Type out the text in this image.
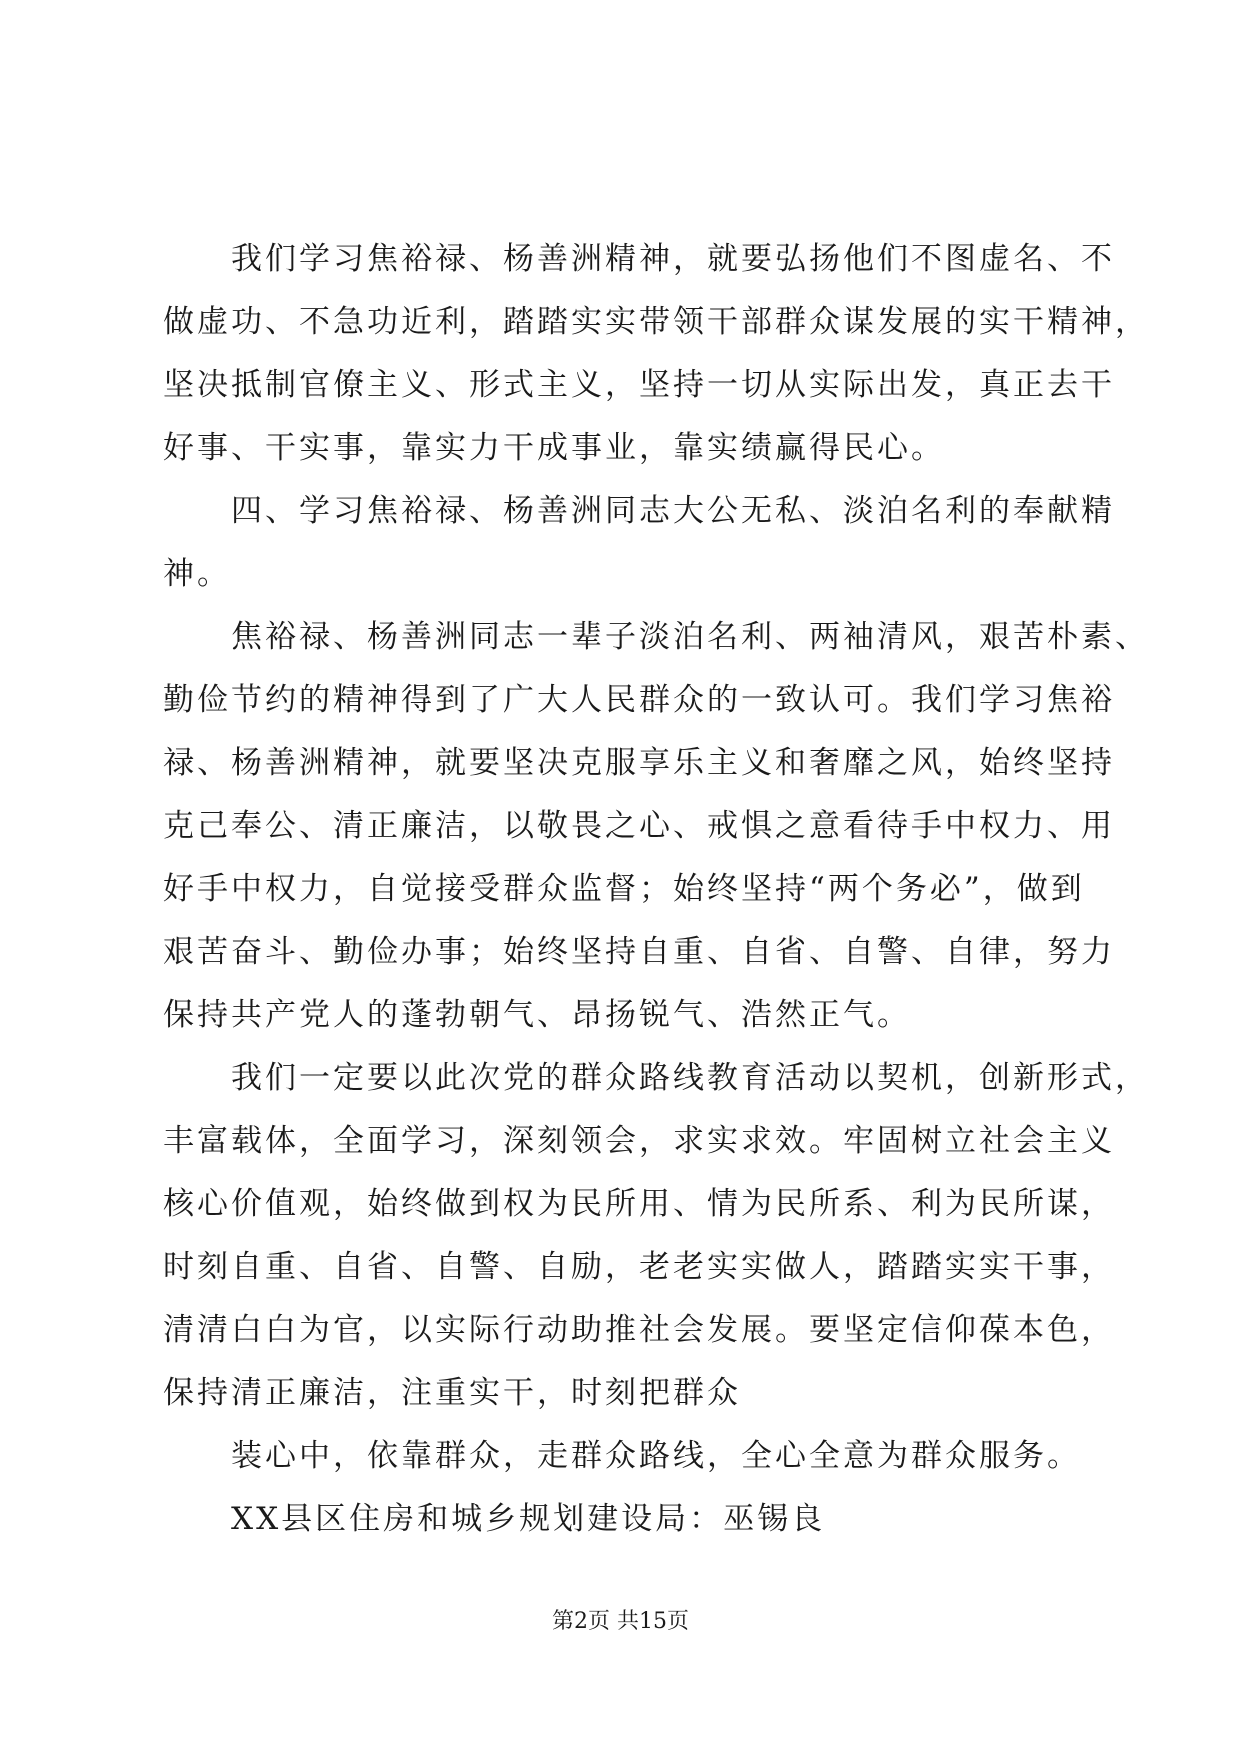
我们学习焦裕禄、杨善洲精神，就要弘扬他们不图虚名、不

做虚功、不急功近利，踏踏实实带领干部群众谋发展的实干精神，

坚决抵制官僚主义、形式主义，坚持一切从实际出发，真正去干

好事、干实事，靠实力干成事业，靠实绩赢得民心。

四、学习焦裕禄、杨善洲同志大公无私、淡泊名利的奉献精

神。

焦裕禄、杨善洲同志一辈子淡泊名利、两袖清风，艰苦朴素、

勤俭节约的精神得到了广大人民群众的一致认可。我们学习焦裕

禄、杨善洲精神，就要坚决克服享乐主义和奢靡之风，始终坚持

克己奉公、清正廉洁，以敬畏之心、戒惧之意看待手中权力、用

好手中权力，自觉接受群众监督；始终坚持“两个务必”，做到

艰苦奋斗、勤俭办事；始终坚持自重、自省、自警、自律，努力

保持共产党人的蓬勃朝气、昂扬锐气、浩然正气。

我们一定要以此次党的群众路线教育活动以契机，创新形式，

丰富载体，全面学习，深刻领会，求实求效。牢固树立社会主义

核心价值观，始终做到权为民所用、情为民所系、利为民所谋，

时刻自重、自省、自警、自励，老老实实做人，踏踏实实干事，

清清白白为官，以实际行动助推社会发展。要坚定信仰葆本色，

保持清正廉洁，注重实干，时刻把群众

装心中，依靠群众，走群众路线，全心全意为群众服务。

XX县区住房和城乡规划建设局：巫锡良

第2页 共15页
